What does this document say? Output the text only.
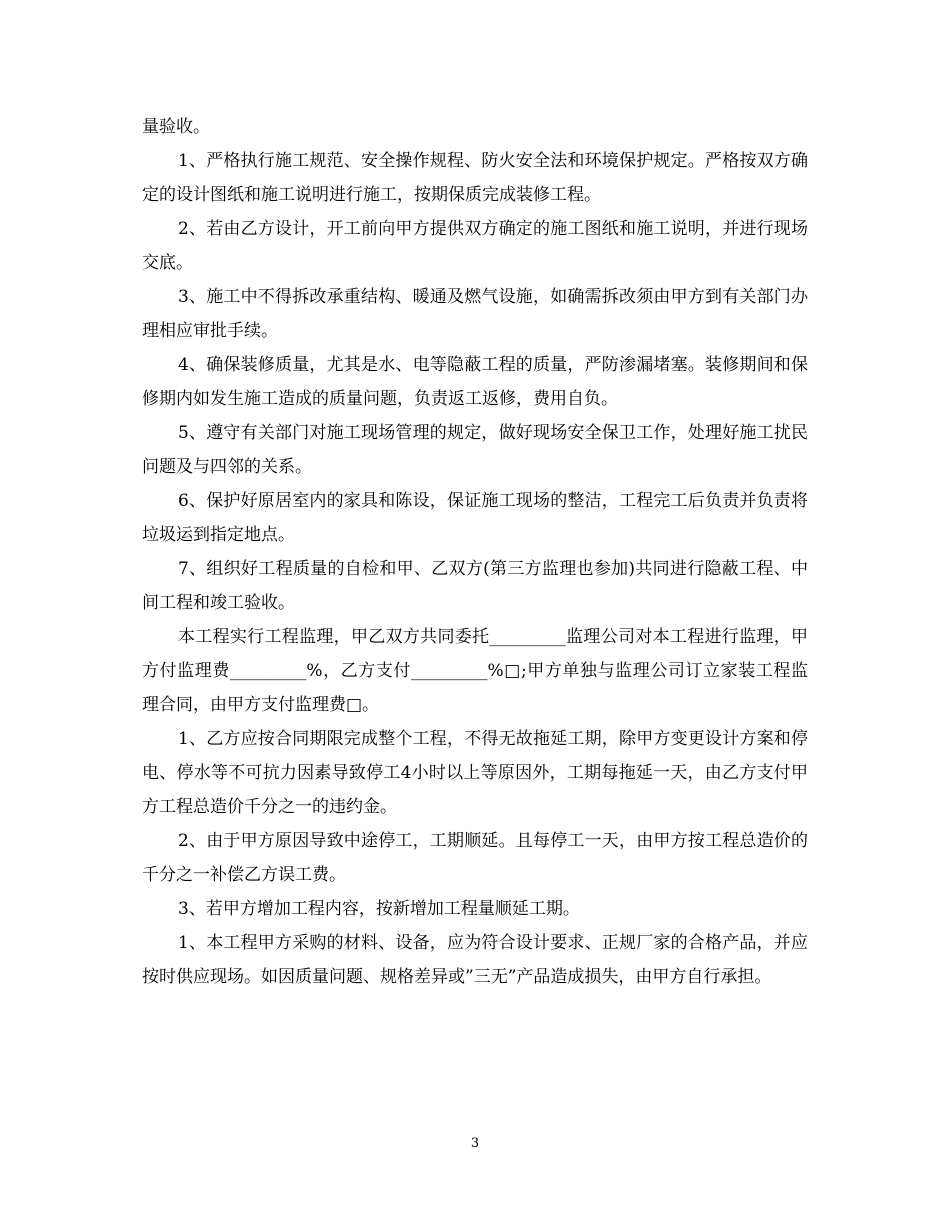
量验收。

1、严格执行施工规范、安全操作规程、防火安全法和环境保护规定。严格按双方确定的设计图纸和施工说明进行施工，按期保质完成装修工程。

2、若由乙方设计，开工前向甲方提供双方确定的施工图纸和施工说明，并进行现场交底。

3、施工中不得拆改承重结构、暖通及燃气设施，如确需拆改须由甲方到有关部门办理相应审批手续。

4、确保装修质量，尤其是水、电等隐蔽工程的质量，严防渗漏堵塞。装修期间和保修期内如发生施工造成的质量问题，负责返工返修，费用自负。

5、遵守有关部门对施工现场管理的规定，做好现场安全保卫工作，处理好施工扰民问题及与四邻的关系。

6、保护好原居室内的家具和陈设，保证施工现场的整洁，工程完工后负责并负责将垃圾运到指定地点。

7、组织好工程质量的自检和甲、乙双方(第三方监理也参加)共同进行隐蔽工程、中间工程和竣工验收。

本工程实行工程监理，甲乙双方共同委托_________监理公司对本工程进行监理，甲方付监理费_________%，乙方支付_________%□;甲方单独与监理公司订立家装工程监理合同，由甲方支付监理费□。

1、乙方应按合同期限完成整个工程，不得无故拖延工期，除甲方变更设计方案和停电、停水等不可抗力因素导致停工4小时以上等原因外，工期每拖延一天，由乙方支付甲方工程总造价千分之一的违约金。

2、由于甲方原因导致中途停工，工期顺延。且每停工一天，由甲方按工程总造价的千分之一补偿乙方误工费。

3、若甲方增加工程内容，按新增加工程量顺延工期。

1、本工程甲方采购的材料、设备，应为符合设计要求、正规厂家的合格产品，并应按时供应现场。如因质量问题、规格差异或”三无”产品造成损失，由甲方自行承担。

3
